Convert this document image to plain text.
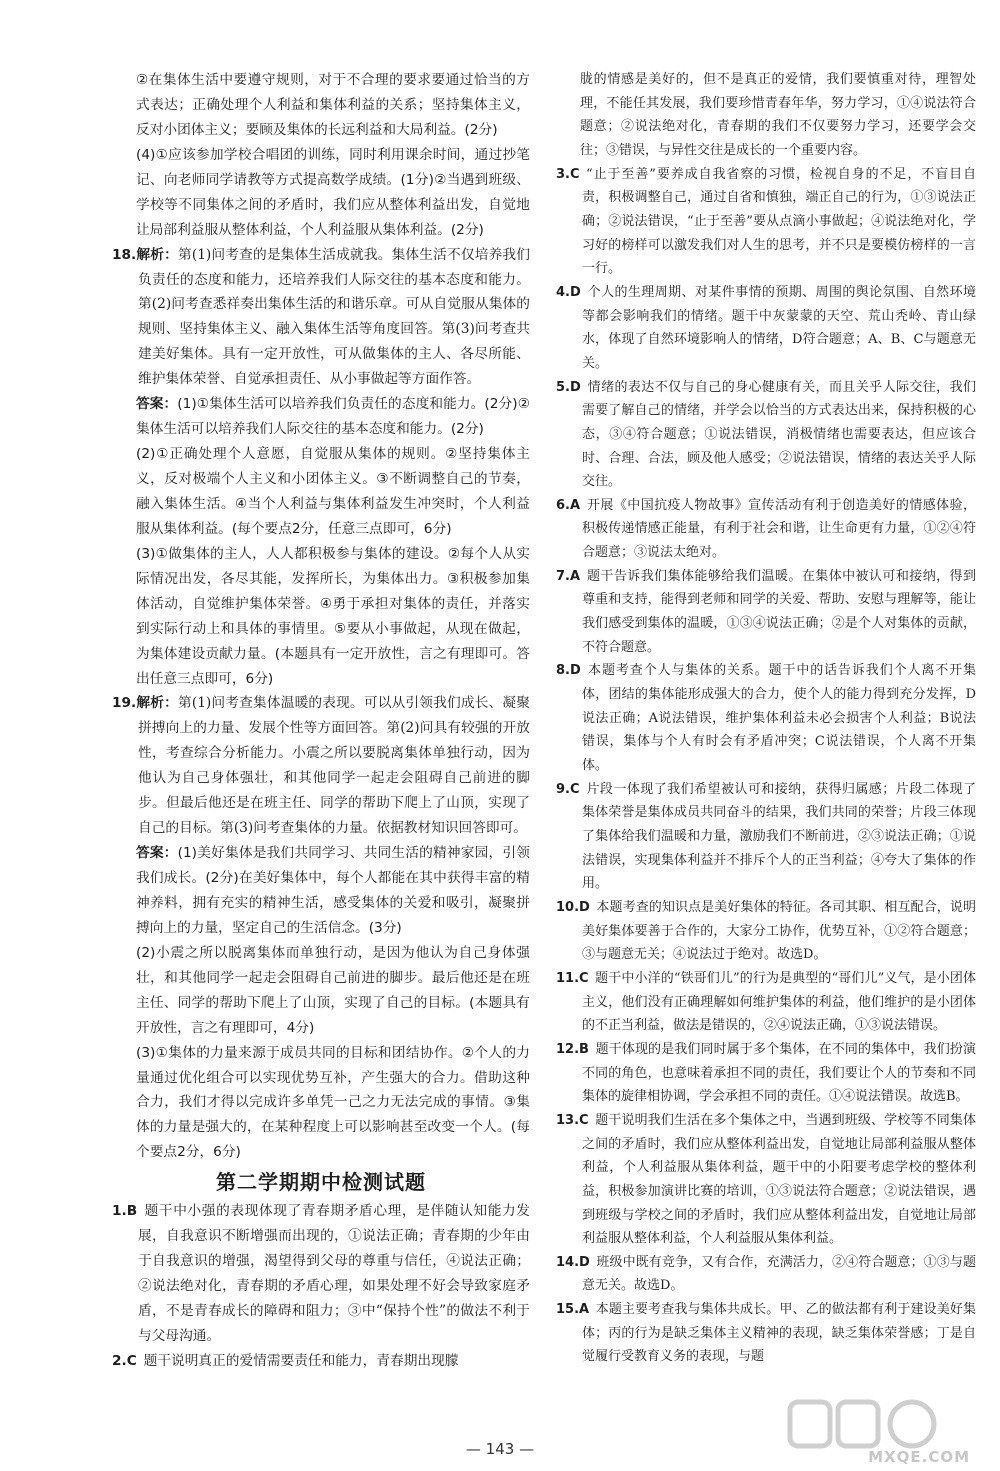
②在集体生活中要遵守规则，对于不合理的要求要通过恰当的方式表达；正确处理个人利益和集体利益的关系；坚持集体主义，反对小团体主义；要顾及集体的长远利益和大局利益。(2分)
(4)①应该参加学校合唱团的训练，同时利用课余时间，通过抄笔记、向老师同学请教等方式提高数学成绩。(1分)②当遇到班级、学校等不同集体之间的矛盾时，我们应从整体利益出发，自觉地让局部利益服从整体利益，个人利益服从集体利益。(2分)
18.解析：第(1)问考查的是集体生活成就我。集体生活不仅培养我们负责任的态度和能力，还培养我们人际交往的基本态度和能力。第(2)问考查悉祥奏出集体生活的和谐乐章。可从自觉服从集体的规则、坚持集体主义、融入集体生活等角度回答。第(3)问考查共建美好集体。具有一定开放性，可从做集体的主人、各尽所能、维护集体荣誉、自觉承担责任、从小事做起等方面作答。
答案：(1)①集体生活可以培养我们负责任的态度和能力。(2分)②集体生活可以培养我们人际交往的基本态度和能力。(2分)
(2)①正确处理个人意愿，自觉服从集体的规则。②坚持集体主义，反对极端个人主义和小团体主义。③不断调整自己的节奏，融入集体生活。④当个人利益与集体利益发生冲突时，个人利益服从集体利益。(每个要点2分，任意三点即可，6分)
(3)①做集体的主人，人人都积极参与集体的建设。②每个人从实际情况出发，各尽其能，发挥所长，为集体出力。③积极参加集体活动，自觉维护集体荣誉。④勇于承担对集体的责任，并落实到实际行动上和具体的事情里。⑤要从小事做起，从现在做起，为集体建设贡献力量。(本题具有一定开放性，言之有理即可。答出任意三点即可，6分)
19.解析：第(1)问考查集体温暖的表现。可以从引领我们成长、凝聚拼搏向上的力量、发展个性等方面回答。第(2)问具有较强的开放性，考查综合分析能力。小震之所以要脱离集体单独行动，因为他认为自己身体强壮，和其他同学一起走会阻碍自己前进的脚步。但最后他还是在班主任、同学的帮助下爬上了山顶，实现了自己的目标。第(3)问考查集体的力量。依据教材知识回答即可。
答案：(1)美好集体是我们共同学习、共同生活的精神家园，引领我们成长。(2分)在美好集体中，每个人都能在其中获得丰富的精神养料，拥有充实的精神生活，感受集体的关爱和吸引，凝聚拼搏向上的力量，坚定自己的生活信念。(3分)
(2)小震之所以脱离集体而单独行动，是因为他认为自己身体强壮，和其他同学一起走会阻碍自己前进的脚步。最后他还是在班主任、同学的帮助下爬上了山顶，实现了自己的目标。(本题具有开放性，言之有理即可，4分)
(3)①集体的力量来源于成员共同的目标和团结协作。②个人的力量通过优化组合可以实现优势互补，产生强大的合力。借助这种合力，我们才得以完成许多单凭一己之力无法完成的事情。③集体的力量是强大的，在某种程度上可以影响甚至改变一个人。(每个要点2分，6分)
第二学期期中检测试题
1.B  题干中小强的表现体现了青春期矛盾心理，是伴随认知能力发展，自我意识不断增强而出现的，①说法正确；青春期的少年由于自我意识的增强，渴望得到父母的尊重与信任，④说法正确；②说法绝对化，青春期的矛盾心理，如果处理不好会导致家庭矛盾，不是青春成长的障碍和阻力；③中“保持个性”的做法不利于与父母沟通。
2.C  题干说明真正的爱情需要责任和能力，青春期出现朦
胧的情感是美好的，但不是真正的爱情，我们要慎重对待，理智处理，不能任其发展，我们要珍惜青春年华，努力学习，①④说法符合题意；②说法绝对化，青春期的我们不仅要努力学习，还要学会交往；③错误，与异性交往是成长的一个重要内容。
3.C  “止于至善”要养成自我省察的习惯，检视自身的不足，不盲目自责，积极调整自己，通过自省和慎独，端正自己的行为，①③说法正确；②说法错误，“止于至善”要从点滴小事做起；④说法绝对化，学习好的榜样可以激发我们对人生的思考，并不只是要模仿榜样的一言一行。
4.D  个人的生理周期、对某件事情的预期、周围的舆论氛围、自然环境等都会影响我们的情绪。题干中灰蒙蒙的天空、荒山秃岭、青山绿水，体现了自然环境影响人的情绪，D符合题意；A、B、C与题意无关。
5.D  情绪的表达不仅与自己的身心健康有关，而且关乎人际交往，我们需要了解自己的情绪，并学会以恰当的方式表达出来，保持积极的心态，③④符合题意；①说法错误，消极情绪也需要表达，但应该合时、合理、合法，顾及他人感受；②说法错误，情绪的表达关乎人际交往。
6.A  开展《中国抗疫人物故事》宣传活动有利于创造美好的情感体验，积极传递情感正能量，有利于社会和谐，让生命更有力量，①②④符合题意；③说法太绝对。
7.A  题干告诉我们集体能够给我们温暖。在集体中被认可和接纳，得到尊重和支持，能得到老师和同学的关爱、帮助、安慰与理解等，能让我们感受到集体的温暖，①③④说法正确；②是个人对集体的贡献，不符合题意。
8.D  本题考查个人与集体的关系。题干中的话告诉我们个人离不开集体，团结的集体能形成强大的合力，使个人的能力得到充分发挥，D说法正确；A说法错误，维护集体利益未必会损害个人利益；B说法错误，集体与个人有时会有矛盾冲突；C说法错误，个人离不开集体。
9.C  片段一体现了我们希望被认可和接纳，获得归属感；片段二体现了集体荣誉是集体成员共同奋斗的结果，我们共同的荣誉；片段三体现了集体给我们温暖和力量，激励我们不断前进，②③说法正确；①说法错误，实现集体利益并不排斥个人的正当利益；④夸大了集体的作用。
10.D  本题考查的知识点是美好集体的特征。各司其职、相互配合，说明美好集体要善于合作的，大家分工协作，优势互补，①②符合题意；③与题意无关；④说法过于绝对。故选D。
11.C  题干中小洋的“铁哥们儿”的行为是典型的“哥们儿”义气，是小团体主义，他们没有正确理解如何维护集体的利益，他们维护的是小团体的不正当利益，做法是错误的，②④说法正确，①③说法错误。
12.B  题干体现的是我们同时属于多个集体，在不同的集体中，我们扮演不同的角色，也意味着承担不同的责任，我们要让个人的节奏和不同集体的旋律相协调，学会承担不同的责任。①④说法错误。故选B。
13.C  题干说明我们生活在多个集体之中，当遇到班级、学校等不同集体之间的矛盾时，我们应从整体利益出发，自觉地让局部利益服从整体利益，个人利益服从集体利益，题干中的小阳要考虑学校的整体利益，积极参加演讲比赛的培训，①③说法符合题意；②说法错误，遇到班级与学校之间的矛盾时，我们应从整体利益出发，自觉地让局部利益服从整体利益，个人利益服从集体利益。
14.D  班级中既有竞争，又有合作，充满活力，②④符合题意；①③与题意无关。故选D。
15.A  本题主要考查我与集体共成长。甲、乙的做法都有利于建设美好集体；丙的行为是缺乏集体主义精神的表现，缺乏集体荣誉感；丁是自觉履行受教育义务的表现，与题
— 143 —	MXQE.COM
